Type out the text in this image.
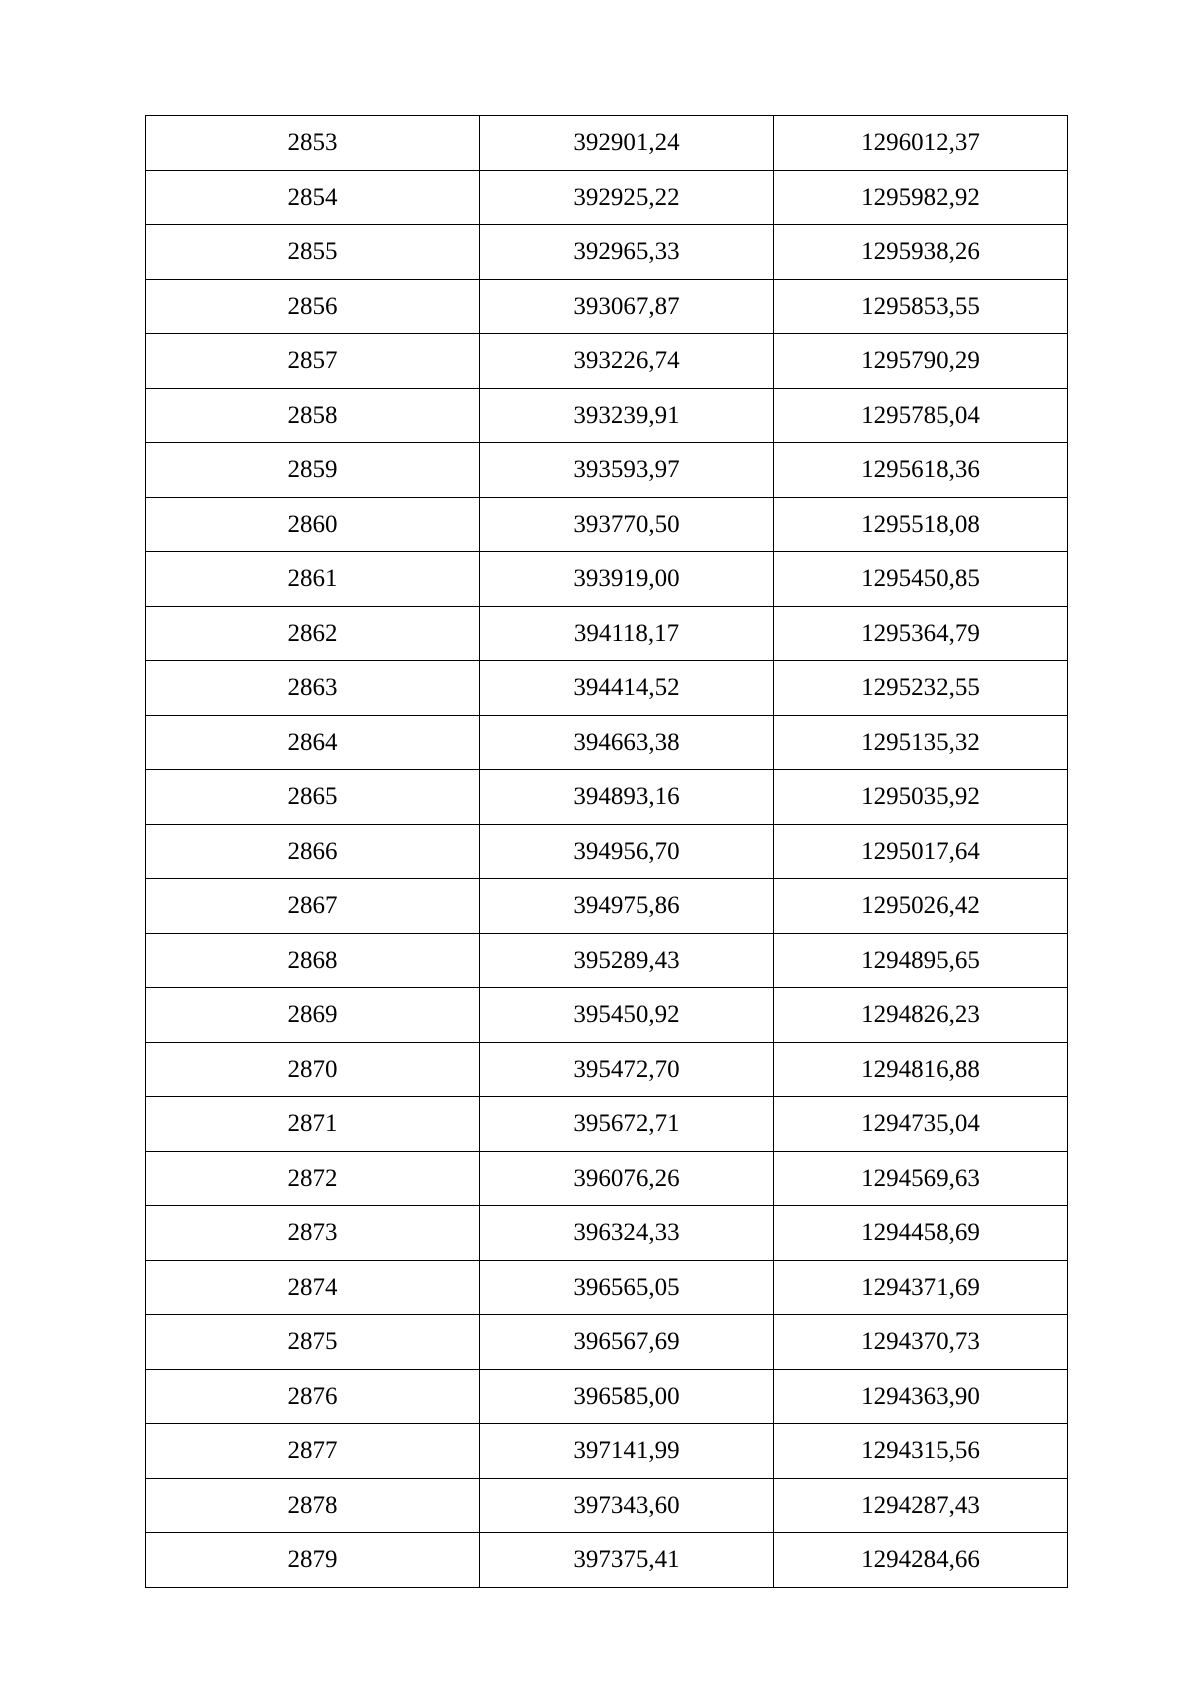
2853	392901,24	1296012,37
2854	392925,22	1295982,92
2855	392965,33	1295938,26
2856	393067,87	1295853,55
2857	393226,74	1295790,29
2858	393239,91	1295785,04
2859	393593,97	1295618,36
2860	393770,50	1295518,08
2861	393919,00	1295450,85
2862	394118,17	1295364,79
2863	394414,52	1295232,55
2864	394663,38	1295135,32
2865	394893,16	1295035,92
2866	394956,70	1295017,64
2867	394975,86	1295026,42
2868	395289,43	1294895,65
2869	395450,92	1294826,23
2870	395472,70	1294816,88
2871	395672,71	1294735,04
2872	396076,26	1294569,63
2873	396324,33	1294458,69
2874	396565,05	1294371,69
2875	396567,69	1294370,73
2876	396585,00	1294363,90
2877	397141,99	1294315,56
2878	397343,60	1294287,43
2879	397375,41	1294284,66
